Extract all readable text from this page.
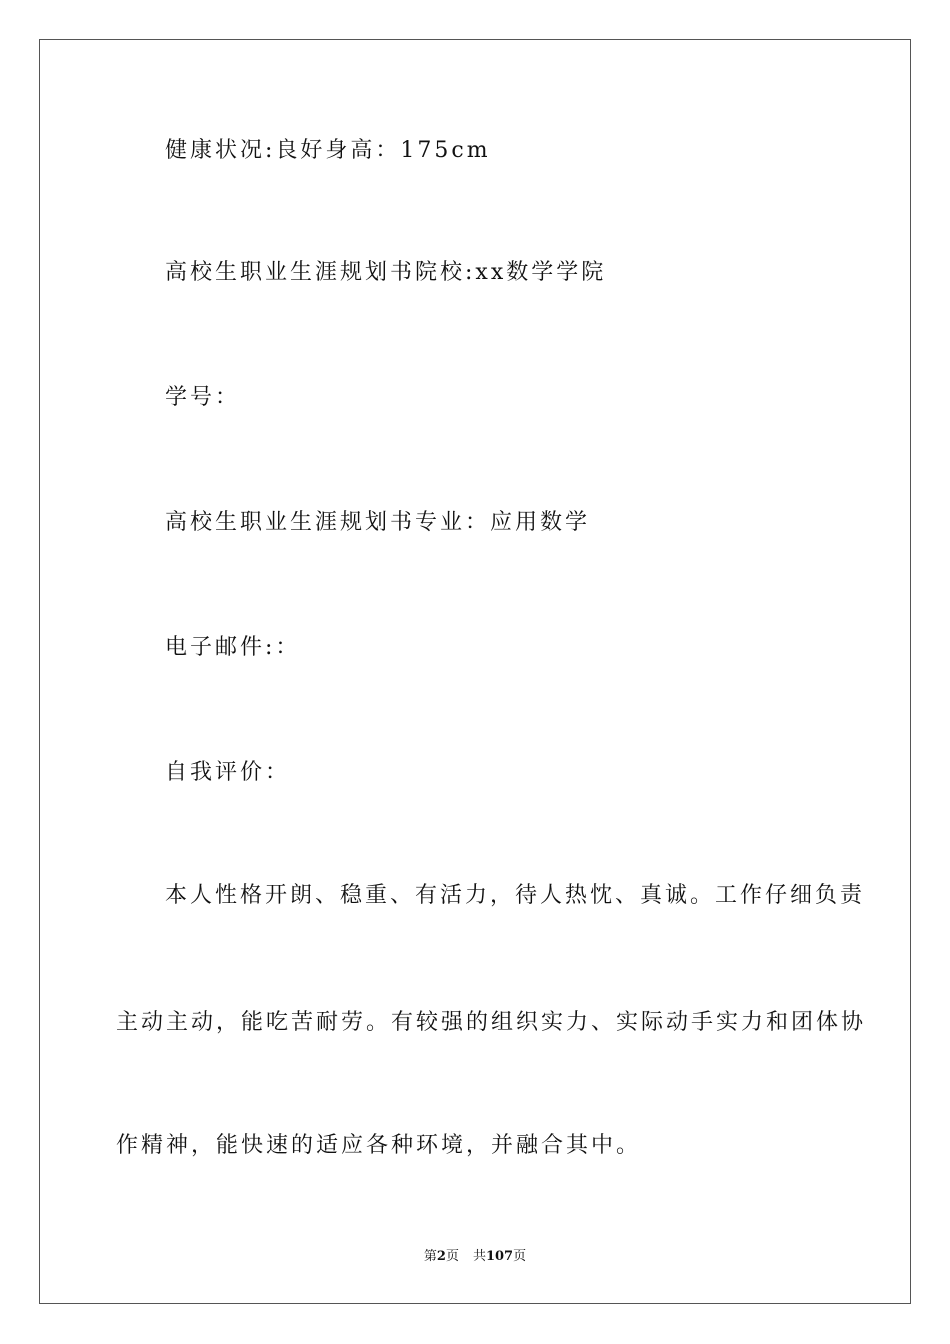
健康状况:良好身高：175cm
高校生职业生涯规划书院校:xx数学学院
学号：
高校生职业生涯规划书专业：应用数学
电子邮件:：
自我评价：
本人性格开朗、稳重、有活力，待人热忱、真诚。工作仔细负责
主动主动，能吃苦耐劳。有较强的组织实力、实际动手实力和团体协
作精神，能快速的适应各种环境，并融合其中。
第2页 共107页
